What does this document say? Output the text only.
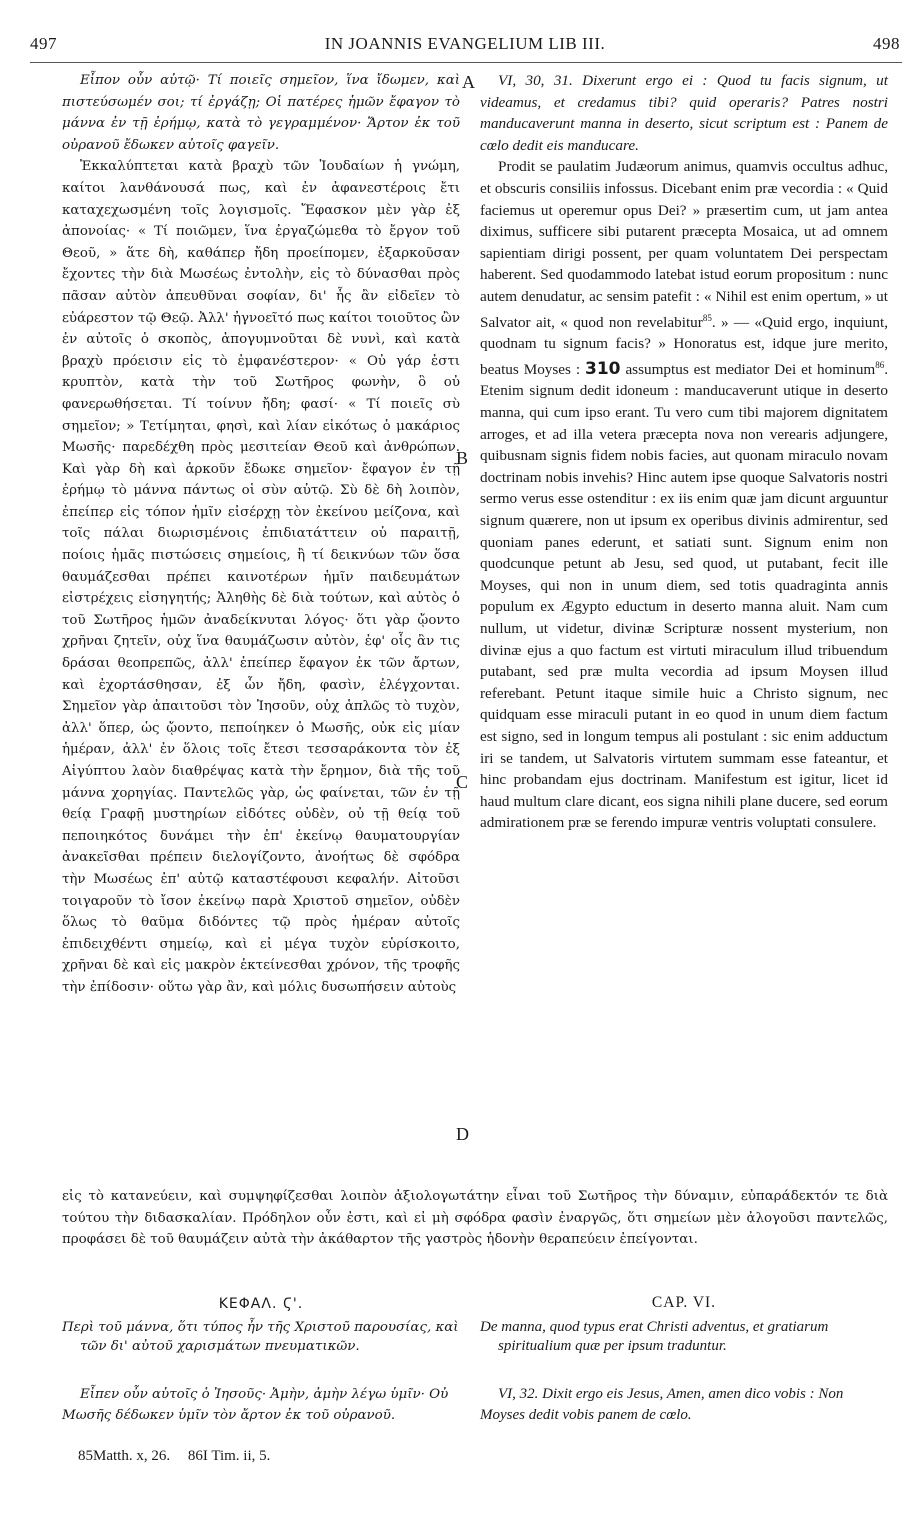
497	IN JOANNIS EVANGELIUM LIB III.	498

Εἶπον οὖν αὐτῷ· Τί ποιεῖς σημεῖον, ἵνα ἴδωμεν, καὶ πιστεύσωμέν σοι; τί ἐργάζῃ; Οἱ πατέρες ἡμῶν ἔφαγον τὸ μάννα ἐν τῇ ἐρήμῳ, κατὰ τὸ γεγραμμένον· Ἄρτον ἐκ τοῦ οὐρανοῦ ἔδωκεν αὐτοῖς φαγεῖν.

Ἐκκαλύπτεται κατὰ βραχὺ τῶν Ἰουδαίων ἡ γνώμη, καίτοι λανθάνουσά πως, καὶ ἐν ἀφανεστέροις ἔτι καταχεχωσμένη τοῖς λογισμοῖς. Ἔφασκον μὲν γὰρ ἐξ ἀπονοίας· « Τί ποιῶμεν, ἵνα ἐργαζώμεθα τὸ ἔργον τοῦ Θεοῦ, » ἅτε δὴ, καθάπερ ἤδη προείπομεν, ἐξαρκοῦσαν ἔχοντες τὴν διὰ Μωσέως ἐντολὴν, εἰς τὸ δύνασθαι πρὸς πᾶσαν αὐτὸν ἀπευθῦναι σοφίαν, δι' ἧς ἂν εἰδεῖεν τὸ εὐάρεστον τῷ Θεῷ. Ἀλλ' ἠγνοεῖτό πως καίτοι τοιοῦτος ὢν ἐν αὐτοῖς ὁ σκοπὸς, ἀπογυμνοῦται δὲ νυνὶ, καὶ κατὰ βραχὺ πρόεισιν εἰς τὸ ἐμφανέστερον· « Οὐ γάρ ἐστι κρυπτὸν, κατὰ τὴν τοῦ Σωτῆρος φωνὴν, ὃ οὐ φανερωθήσεται. Τί τοίνυν ἤδη; φασί· « Τί ποιεῖς σὺ σημεῖον; » Τετίμηται, φησὶ, καὶ λίαν εἰκότως ὁ μακάριος Μωσῆς· παρεδέχθη πρὸς μεσιτείαν Θεοῦ καὶ ἀνθρώπων. Καὶ γὰρ δὴ καὶ ἀρκοῦν ἔδωκε σημεῖον· ἔφαγον ἐν τῇ ἐρήμῳ τὸ μάννα πάντως οἱ σὺν αὐτῷ. Σὺ δὲ δὴ λοιπὸν, ἐπείπερ εἰς τόπον ἡμῖν εἰσέρχῃ τὸν ἐκείνου μείζονα, καὶ τοῖς πάλαι διωρισμένοις ἐπιδιατάττειν οὐ παραιτῇ, ποίοις ἡμᾶς πιστώσεις σημείοις, ἢ τί δεικνύων τῶν ὅσα θαυμάζεσθαι πρέπει καινοτέρων ἡμῖν παιδευμάτων εἰστρέχεις εἰσηγητής; Ἀληθὴς δὲ διὰ τούτων, καὶ αὐτὸς ὁ τοῦ Σωτῆρος ἡμῶν ἀναδείκνυται λόγος· ὅτι γὰρ ᾤοντο χρῆναι ζητεῖν, οὐχ ἵνα θαυμάζωσιν αὐτὸν, ἐφ' οἷς ἂν τις δράσαι θεοπρεπῶς, ἀλλ' ἐπείπερ ἔφαγον ἐκ τῶν ἄρτων, καὶ ἐχορτάσθησαν, ἐξ ὧν ἤδη, φασὶν, ἐλέγχονται. Σημεῖον γὰρ ἀπαιτοῦσι τὸν Ἰησοῦν, οὐχ ἁπλῶς τὸ τυχὸν, ἀλλ' ὅπερ, ὡς ᾤοντο, πεποίηκεν ὁ Μωσῆς, οὐκ εἰς μίαν ἡμέραν, ἀλλ' ἐν ὅλοις τοῖς ἔτεσι τεσσαράκοντα τὸν ἐξ Αἰγύπτου λαὸν διαθρέψας κατὰ τὴν ἔρημον, διὰ τῆς τοῦ μάννα χορηγίας. Παντελῶς γὰρ, ὡς φαίνεται, τῶν ἐν τῇ θείᾳ Γραφῇ μυστηρίων εἰδότες οὐδὲν, οὐ τῇ θείᾳ τοῦ πεποιηκότος δυνάμει τὴν ἐπ' ἐκείνῳ θαυματουργίαν ἀνακεῖσθαι πρέπειν διελογίζοντο, ἀνοήτως δὲ σφόδρα τὴν Μωσέως ἐπ' αὐτῷ καταστέφουσι κεφαλήν. Αἰτοῦσι τοιγαροῦν τὸ ἴσον ἐκείνῳ παρὰ Χριστοῦ σημεῖον, οὐδὲν ὅλως τὸ θαῦμα διδόντες τῷ πρὸς ἡμέραν αὐτοῖς ἐπιδειχθέντι σημείῳ, καὶ εἰ μέγα τυχὸν εὑρίσκοιτο, χρῆναι δὲ καὶ εἰς μακρὸν ἐκτείνεσθαι χρόνον, τῆς τροφῆς τὴν ἐπίδοσιν· οὕτω γὰρ ἂν, καὶ μόλις δυσωπήσειν αὐτοὺς

A
B
C
D

VI, 30, 31. Dixerunt ergo ei : Quod tu facis signum, ut videamus, et credamus tibi? quid operaris? Patres nostri manducaverunt manna in deserto, sicut scriptum est : Panem de cœlo dedit eis manducare.

Prodit se paulatim Judæorum animus, quamvis occultus adhuc, et obscuris consiliis infossus. Dicebant enim præ vecordia : « Quid faciemus ut operemur opus Dei? » præsertim cum, ut jam antea diximus, sufficere sibi putarent præcepta Mosaica, ut ad omnem sapientiam dirigi possent, per quam voluntatem Dei perspectam haberent. Sed quodammodo latebat istud eorum propositum : nunc autem denudatur, ac sensim patefit : « Nihil est enim opertum, » ut Salvator ait, « quod non revelabitur$^{85}$. » — «Quid ergo, inquiunt, quodnam tu signum facis? » Honoratus est, idque jure merito, beatus Moyses : 310 assumptus est mediator Dei et hominum$^{86}$. Etenim signum dedit idoneum : manducaverunt utique in deserto manna, qui cum ipso erant. Tu vero cum tibi majorem dignitatem arroges, et ad illa vetera præcepta nova non verearis adjungere, quibusnam signis fidem nobis facies, aut quonam miraculo novam doctrinam nobis invehis? Hinc autem ipse quoque Salvatoris nostri sermo verus esse ostenditur : ex iis enim quæ jam dicunt arguuntur signum quærere, non ut ipsum ex operibus divinis admirentur, sed quoniam panes ederunt, et satiati sunt. Signum enim non quodcunque petunt ab Jesu, sed quod, ut putabant, fecit ille Moyses, qui non in unum diem, sed totis quadraginta annis populum ex Ægypto eductum in deserto manna aluit. Nam cum nullum, ut videtur, divinæ Scripturæ nossent mysterium, non divinæ ejus a quo factum est virtuti miraculum illud tribuendum putabant, sed præ multa vecordia ad ipsum Moysen illud referebant. Petunt itaque simile huic a Christo signum, nec quidquam esse miraculi putant in eo quod in unum diem factum est signo, sed in longum tempus ali postulant : sic enim adductum iri se tandem, ut Salvatoris virtutem summam esse fateantur, et hinc probandam ejus doctrinam. Manifestum est igitur, licet id haud multum clare dicant, eos signa nihili plane ducere, sed eorum admirationem præ se ferendo impuræ ventris voluptati consulere.

εἰς τὸ κατανεύειν, καὶ συμψηφίζεσθαι λοιπὸν ἀξιολογωτάτην εἶναι τοῦ Σωτῆρος τὴν δύναμιν, εὐπαράδεκτόν τε διὰ τούτου τὴν διδασκαλίαν. Πρόδηλον οὖν ἐστι, καὶ εἰ μὴ σφόδρα φασὶν ἐναργῶς, ὅτι σημείων μὲν ἀλογοῦσι παντελῶς, προφάσει δὲ τοῦ θαυμάζειν αὐτὰ τὴν ἀκάθαρτον τῆς γαστρὸς ἡδονὴν θεραπεύειν ἐπείγονται.
ΚΕΦΑΛ. Ϛ'.	CAP. VI.

Περὶ τοῦ μάννα, ὅτι τύπος ἦν τῆς Χριστοῦ παρουσίας, καὶ τῶν δι' αὐτοῦ χαρισμάτων πνευματικῶν.

De manna, quod typus erat Christi adventus, et gratiarum spiritualium quæ per ipsum traduntur.

Εἶπεν οὖν αὐτοῖς ὁ Ἰησοῦς· Ἀμὴν, ἀμὴν λέγω ὑμῖν· Οὐ Μωσῆς δέδωκεν ὑμῖν τὸν ἄρτον ἐκ τοῦ οὐρανοῦ.

VI, 32. Dixit ergo eis Jesus, Amen, amen dico vobis : Non Moyses dedit vobis panem de cœlo.

85Matth. x, 26. 86I Tim. ii, 5.
